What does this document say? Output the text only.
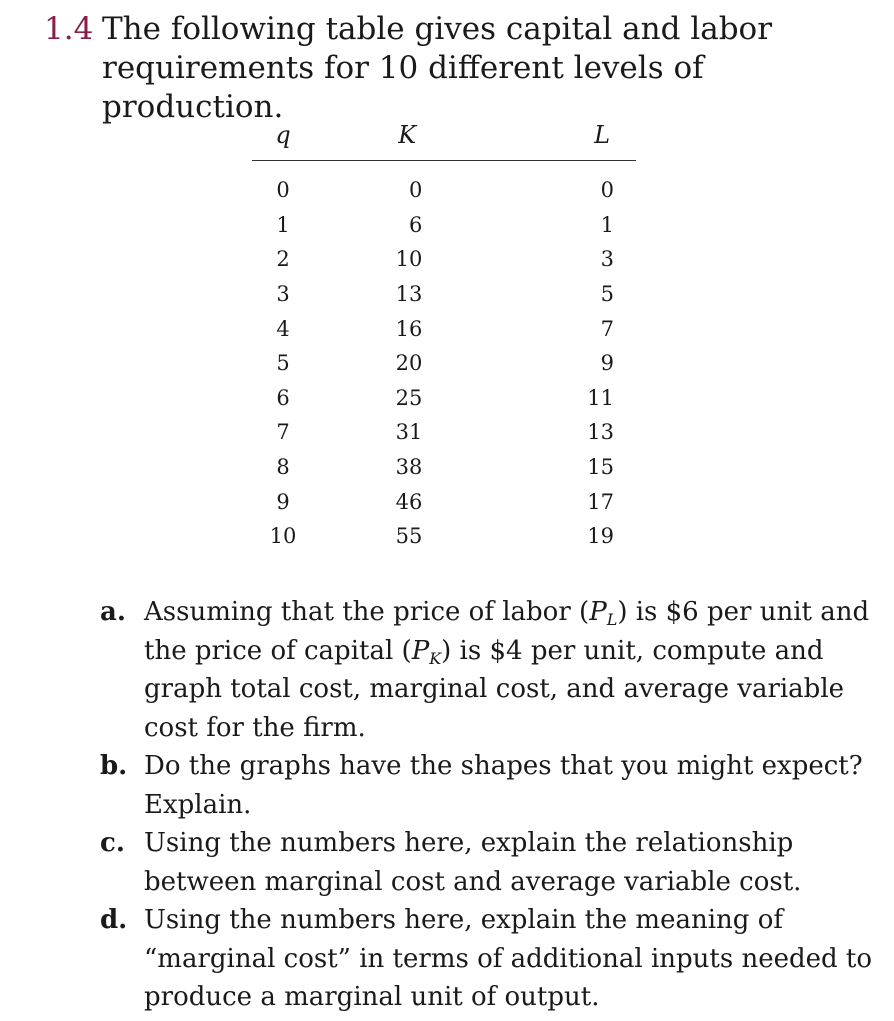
1.4 The following table gives capital and labor requirements for 10 different levels of production.
q	K	L
0	0	0
1	6	1
2	10	3
3	13	5
4	16	7
5	20	9
6	25	11
7	31	13
8	38	15
9	46	17
10	55	19
a. Assuming that the price of labor $(P_L)$ is $6 per unit and the price of capital $(P_K)$ is $4 per unit, compute and graph total cost, marginal cost, and average variable cost for the firm.
b. Do the graphs have the shapes that you might expect? Explain.
c. Using the numbers here, explain the relationship between marginal cost and average variable cost.
d. Using the numbers here, explain the meaning of “marginal cost” in terms of additional inputs needed to produce a marginal unit of output.
